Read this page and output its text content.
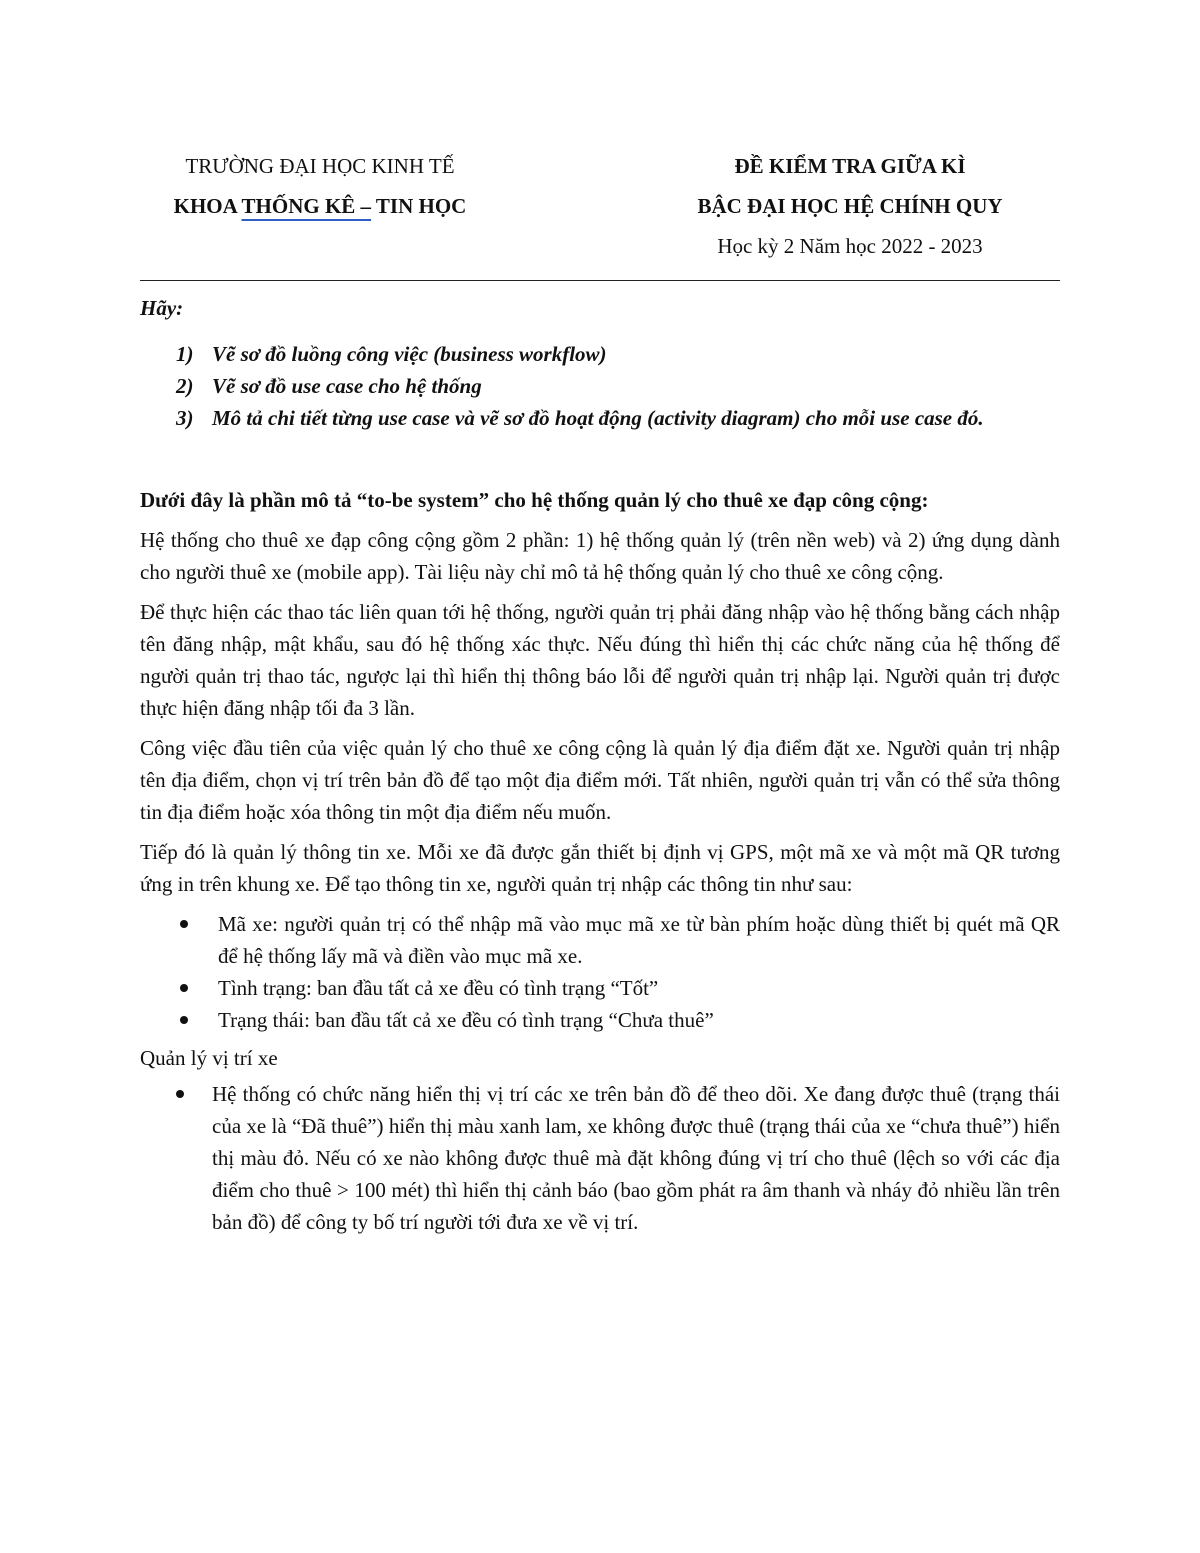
TRƯỜNG ĐẠI HỌC KINH TẾ
KHOA THỐNG KÊ – TIN HỌC
ĐỀ KIỂM TRA GIỮA KÌ
BẬC ĐẠI HỌC HỆ CHÍNH QUY
Học kỳ 2 Năm học 2022 - 2023
Hãy:
1) Vẽ sơ đồ luồng công việc (business workflow)
2) Vẽ sơ đồ use case cho hệ thống
3) Mô tả chi tiết từng use case và vẽ sơ đồ hoạt động (activity diagram) cho mỗi use case đó.
Dưới đây là phần mô tả “to-be system” cho hệ thống quản lý cho thuê xe đạp công cộng:

Hệ thống cho thuê xe đạp công cộng gồm 2 phần: 1) hệ thống quản lý (trên nền web) và 2) ứng dụng dành cho người thuê xe (mobile app). Tài liệu này chỉ mô tả hệ thống quản lý cho thuê xe công cộng.

Để thực hiện các thao tác liên quan tới hệ thống, người quản trị phải đăng nhập vào hệ thống bằng cách nhập tên đăng nhập, mật khẩu, sau đó hệ thống xác thực. Nếu đúng thì hiển thị các chức năng của hệ thống để người quản trị thao tác, ngược lại thì hiển thị thông báo lỗi để người quản trị nhập lại. Người quản trị được thực hiện đăng nhập tối đa 3 lần.

Công việc đầu tiên của việc quản lý cho thuê xe công cộng là quản lý địa điểm đặt xe. Người quản trị nhập tên địa điểm, chọn vị trí trên bản đồ để tạo một địa điểm mới. Tất nhiên, người quản trị vẫn có thể sửa thông tin địa điểm hoặc xóa thông tin một địa điểm nếu muốn.

Tiếp đó là quản lý thông tin xe. Mỗi xe đã được gắn thiết bị định vị GPS, một mã xe và một mã QR tương ứng in trên khung xe. Để tạo thông tin xe, người quản trị nhập các thông tin như sau:

Mã xe: người quản trị có thể nhập mã vào mục mã xe từ bàn phím hoặc dùng thiết bị quét mã QR để hệ thống lấy mã và điền vào mục mã xe.
Tình trạng: ban đầu tất cả xe đều có tình trạng “Tốt”
Trạng thái: ban đầu tất cả xe đều có tình trạng “Chưa thuê”
Quản lý vị trí xe
Hệ thống có chức năng hiển thị vị trí các xe trên bản đồ để theo dõi. Xe đang được thuê (trạng thái của xe là “Đã thuê”) hiển thị màu xanh lam, xe không được thuê (trạng thái của xe “chưa thuê”) hiển thị màu đỏ. Nếu có xe nào không được thuê mà đặt không đúng vị trí cho thuê (lệch so với các địa điểm cho thuê > 100 mét) thì hiển thị cảnh báo (bao gồm phát ra âm thanh và nháy đỏ nhiều lần trên bản đồ) để công ty bố trí người tới đưa xe về vị trí.
